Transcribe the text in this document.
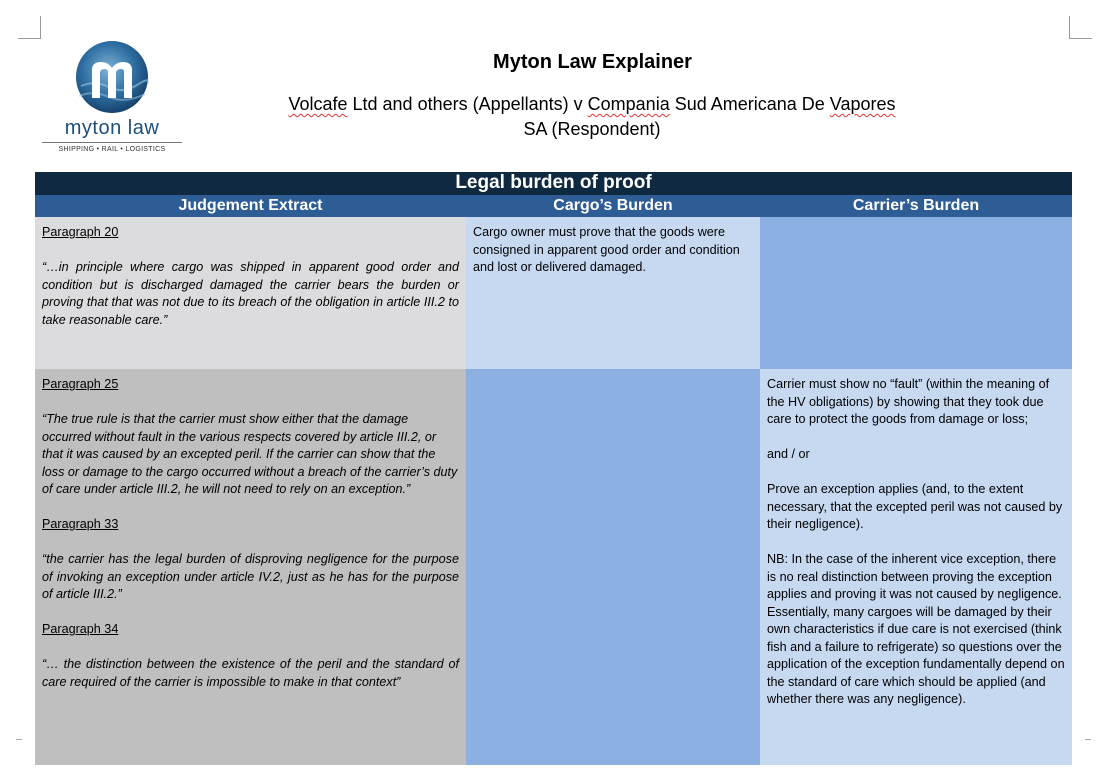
myton law
SHIPPING • RAIL • LOGISTICS
Myton Law Explainer
Volcafe Ltd and others (Appellants) v Compania Sud Americana De Vapores
SA (Respondent)
Legal burden of proof
Judgement Extract	Cargo’s Burden	Carrier’s Burden

Paragraph 20

“…in principle where cargo was shipped in apparent good order and condition but is discharged damaged the carrier bears the burden or proving that that was not due to its breach of the obligation in article III.2 to take reasonable care.”

Cargo owner must prove that the goods were consigned in apparent good order and condition and lost or delivered damaged.

Paragraph 25

“The true rule is that the carrier must show either that the damage occurred without fault in the various respects covered by article III.2, or that it was caused by an excepted peril. If the carrier can show that the loss or damage to the cargo occurred without a breach of the carrier’s duty of care under article III.2, he will not need to rely on an exception.”

Paragraph 33

“the carrier has the legal burden of disproving negligence for the purpose of invoking an exception under article IV.2, just as he has for the purpose of article III.2.”

Paragraph 34

“… the distinction between the existence of the peril and the standard of care required of the carrier is impossible to make in that context”

Carrier must show no “fault” (within the meaning of the HV obligations) by showing that they took due care to protect the goods from damage or loss;

and / or

Prove an exception applies (and, to the extent necessary, that the excepted peril was not caused by their negligence).

NB: In the case of the inherent vice exception, there is no real distinction between proving the exception applies and proving it was not caused by negligence. Essentially, many cargoes will be damaged by their own characteristics if due care is not exercised (think fish and a failure to refrigerate) so questions over the application of the exception fundamentally depend on the standard of care which should be applied (and whether there was any negligence).
